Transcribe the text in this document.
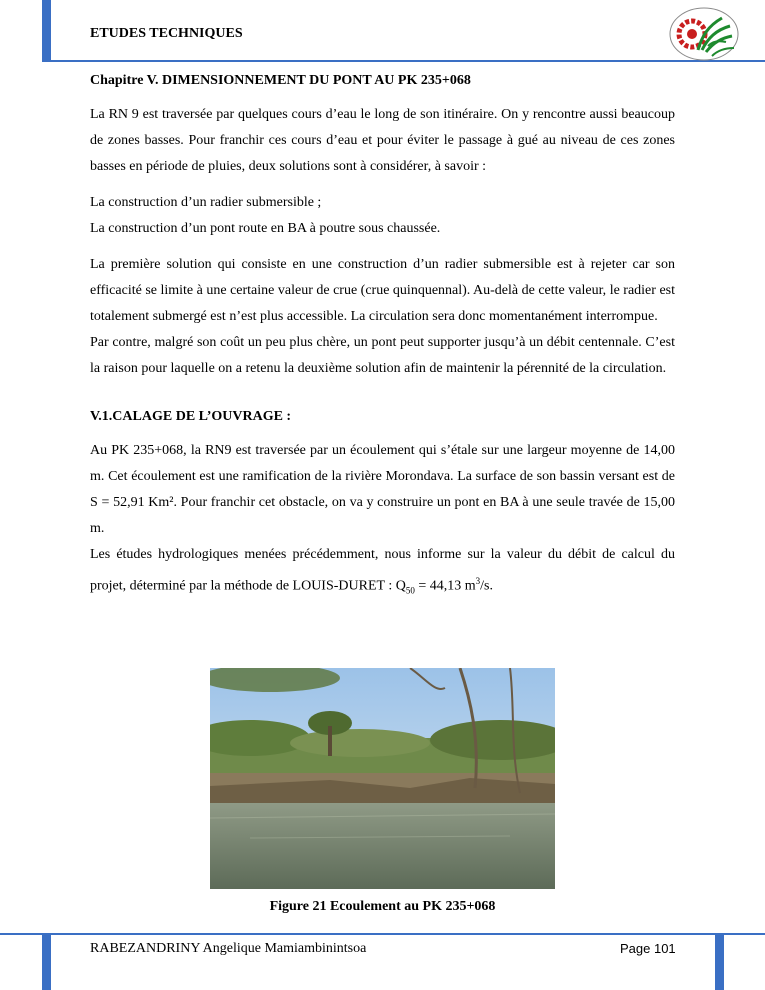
ETUDES TECHNIQUES

Chapitre V. DIMENSIONNEMENT DU PONT AU PK 235+068

La RN 9 est traversée par quelques cours d’eau le long de son itinéraire. On y rencontre aussi beaucoup de zones basses. Pour franchir ces cours d’eau et pour éviter le passage à gué au niveau de ces zones basses en période de pluies, deux solutions sont à considérer, à savoir :

La construction d’un radier submersible ;

La construction d’un pont route en BA à poutre sous chaussée.

La première solution qui consiste en une construction d’un radier submersible est à rejeter car son efficacité se limite à une certaine valeur de crue (crue quinquennal). Au-delà de cette valeur, le radier est totalement submergé est n’est plus accessible. La circulation sera donc momentanément interrompue.

Par contre, malgré son coût un peu plus chère, un pont peut supporter jusqu’à un débit centennale. C’est la raison pour laquelle on a retenu la deuxième solution afin de maintenir la pérennité de la circulation.

V.1.CALAGE DE L’OUVRAGE :

Au PK 235+068, la RN9 est traversée par un écoulement qui s’étale sur une largeur moyenne de 14,00 m. Cet écoulement est une ramification de la rivière Morondava. La surface de son bassin versant est de S = 52,91 Km². Pour franchir cet obstacle, on va y construire un pont en BA à une seule travée de 15,00 m.

Les études hydrologiques menées précédemment, nous informe sur la valeur du débit de calcul du projet, déterminé par la méthode de LOUIS-DURET : $Q_{50} = 44,13$ $m^3/s$.

Figure 21 Ecoulement au PK 235+068
RABEZANDRINY Angelique Mamiambinintsoa	Page 101
